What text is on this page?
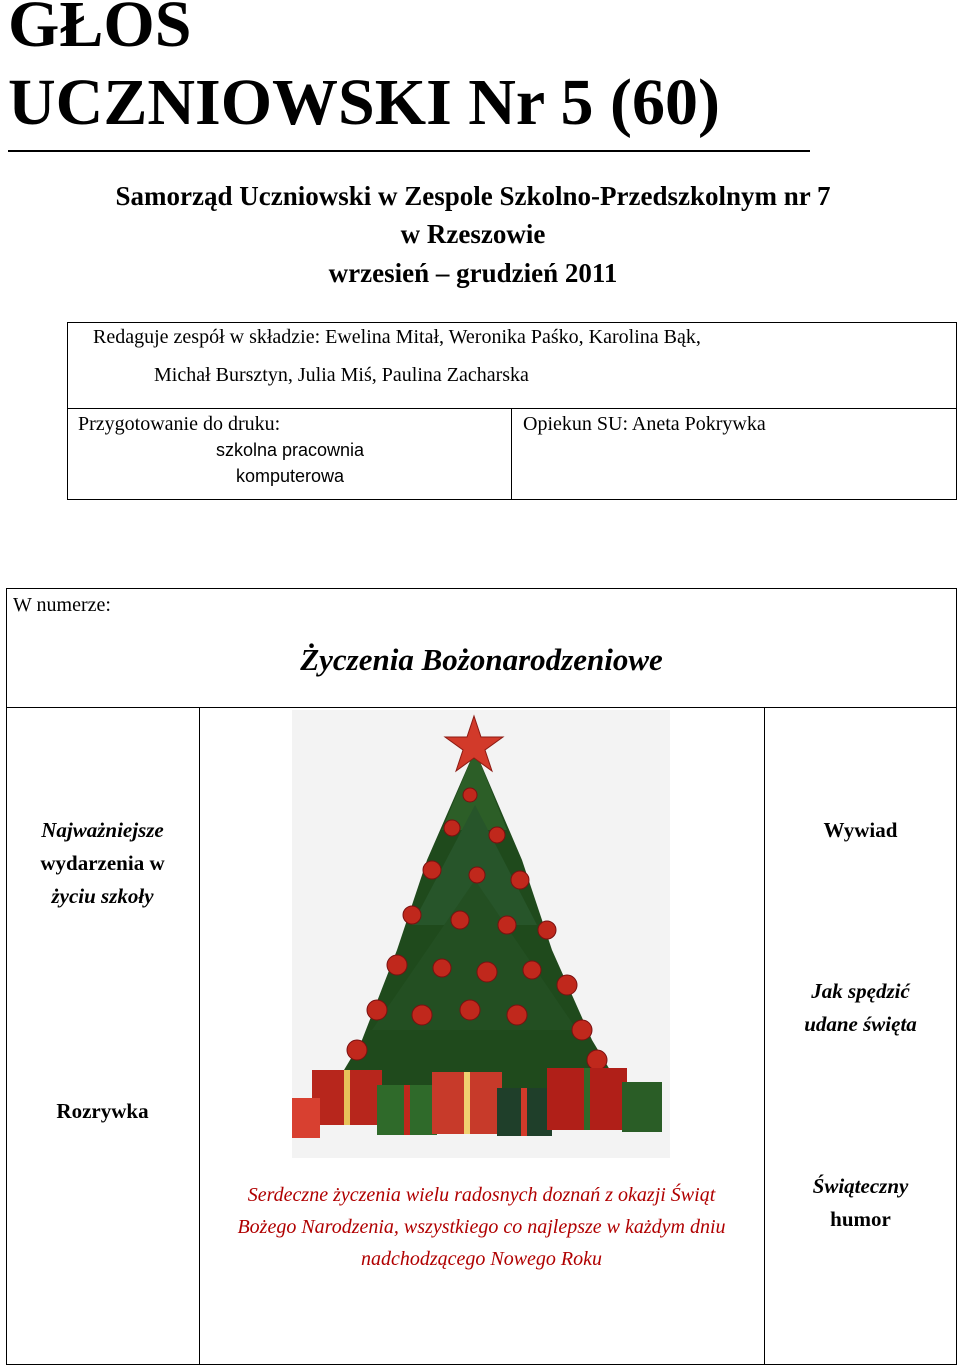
GŁOS
UCZNIOWSKI Nr 5 (60)

Samorząd Uczniowski w Zespole Szkolno-Przedszkolnym nr 7

w Rzeszowie

wrzesień – grudzień 2011

Redaguje zespół w składzie: Ewelina Mitał, Weronika Paśko, Karolina Bąk,
Michał Bursztyn, Julia Miś, Paulina Zacharska
Przygotowanie do druku:
szkolna pracownia
komputerowa
Opiekun SU: Aneta Pokrywka
W numerze:
Życzenia Bożonarodzeniowe
Najważniejsze
wydarzenia w
życiu szkoły
Rozrywka
Wywiad
Jak spędzić
udane święta
Świąteczny
humor
Serdeczne życzenia wielu radosnych doznań z okazji Świąt
Bożego Narodzenia, wszystkiego co najlepsze w każdym dniu
nadchodzącego Nowego Roku
